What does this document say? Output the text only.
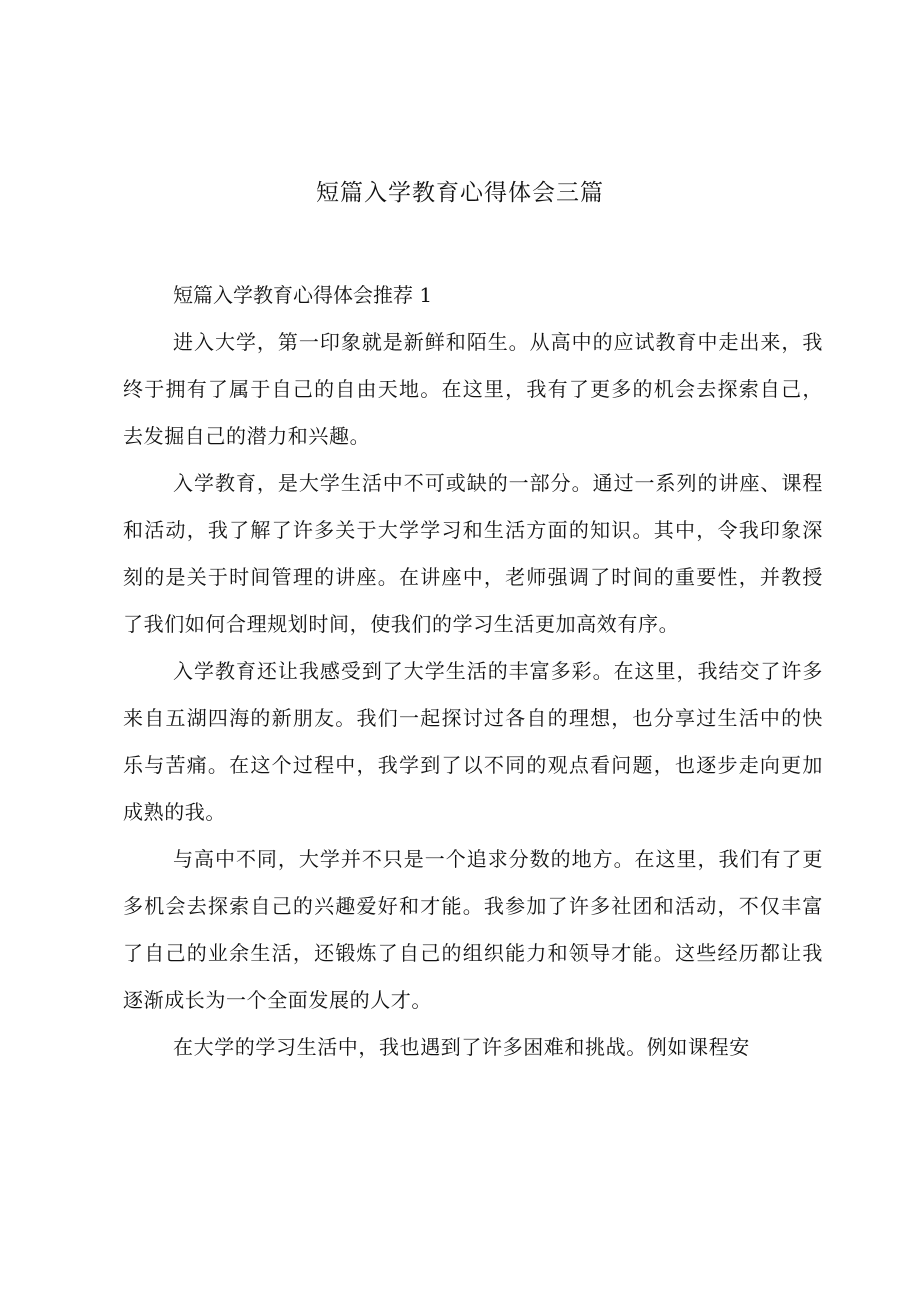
短篇入学教育心得体会三篇

短篇入学教育心得体会推荐 1

进入大学，第一印象就是新鲜和陌生。从高中的应试教育中走出来，我终于拥有了属于自己的自由天地。在这里，我有了更多的机会去探索自己，去发掘自己的潜力和兴趣。

入学教育，是大学生活中不可或缺的一部分。通过一系列的讲座、课程和活动，我了解了许多关于大学学习和生活方面的知识。其中，令我印象深刻的是关于时间管理的讲座。在讲座中，老师强调了时间的重要性，并教授了我们如何合理规划时间，使我们的学习生活更加高效有序。

入学教育还让我感受到了大学生活的丰富多彩。在这里，我结交了许多来自五湖四海的新朋友。我们一起探讨过各自的理想，也分享过生活中的快乐与苦痛。在这个过程中，我学到了以不同的观点看问题，也逐步走向更加成熟的我。

与高中不同，大学并不只是一个追求分数的地方。在这里，我们有了更多机会去探索自己的兴趣爱好和才能。我参加了许多社团和活动，不仅丰富了自己的业余生活，还锻炼了自己的组织能力和领导才能。这些经历都让我逐渐成长为一个全面发展的人才。

在大学的学习生活中，我也遇到了许多困难和挑战。例如课程安
